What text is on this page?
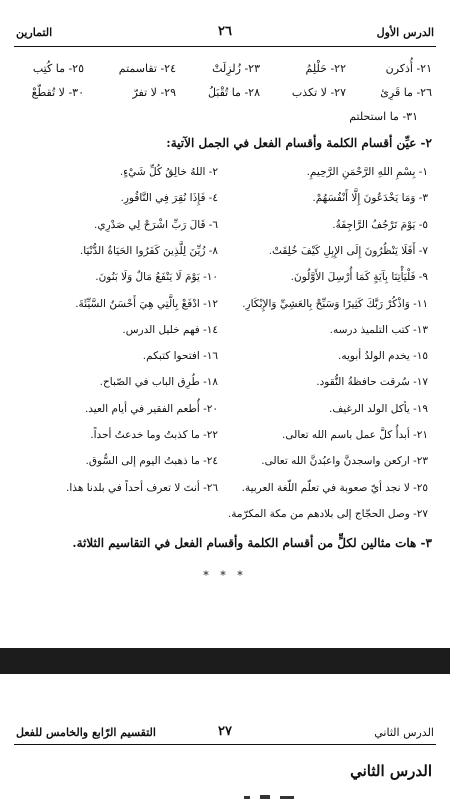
الدرس الأول
٢٦
التمارين
٢١- أُذكرن
٢٢- حَلْلِمُ
٢٣- زُلزِلَتْ
٢٤- تقاسمتم
٢٥- ما كُتِب
٢٦- ما قَرِئ
٢٧- لا تكذب
٢٨- ما تُقْبَلُ
٢٩- لا تفرّ
٣٠- لا تُقطّعْ
٣١- ما استحلتم
٢- عيِّن أقسام الكلمة وأقسام الفعل في الجمل الآتية:
١- بِسْمِ اللهِ الرَّحْمَنِ الرَّحِيمِ.
٢- اللهُ خالِقُ كُلِّ شَيْءٍ.
٣- وَمَا يَخْدَعُونَ إِلَّا أَنْفُسَهُمْ.
٤- فَإِذَا نُقِرَ فِي النَّاقُورِ.
٥- يَوْمَ تَرْجُفُ الرَّاجِفَةُ.
٦- قَالَ رَبِّ اشْرَحْ لِي صَدْرِي.
٧- أَفَلَا يَنْظُرُونَ إِلَى الإِبِلِ كَيْفَ خُلِقَتْ.
٨- زُيِّنَ لِلَّذِينَ كَفَرُوا الحَيَاةُ الدُّنْيَا.
٩- فَلْيَأْتِنَا بِآيَةٍ كَمَا أُرْسِلَ الأَوَّلُونَ.
١٠- يَوْمَ لَا يَنْفَعُ مَالٌ وَلَا بَنُونَ.
١١- وَاذْكُرْ رَبَّكَ كَثِيرًا وَسَبِّحْ بِالعَشِيِّ وَالإِبْكَارِ.
١٢- ادْفَعْ بِالَّتِي هِيَ أَحْسَنُ السَّيِّئَةَ.
١٣- كتب التلميذ درسه.
١٤- فهم خليل الدرس.
١٥- يخدم الولدُ أبويه.
١٦- افتحوا كتبكم.
١٧- سُرقت حافظةُ النُّقود.
١٨- طُرِق الباب في الصّباح.
١٩- يأكل الولد الرغيف.
٢٠- أُطعم الفقير في أيام العيد.
٢١- أبدأُ كلَّ عمل باسم الله تعالى.
٢٢- ما كذبتُ وما خدعتُ أحداً.
٢٣- اركعن واسجدنَّ واعبُدنَّ الله تعالى.
٢٤- ما ذهبتُ اليوم إلى السُّوق.
٢٥- لا نجد أيّ صعوبة في تعلّم اللّغة العربية.
٢٦- أنتَ لا تعرف أحداً في بلدنا هذا.
٢٧- وصل الحجّاج إلى بلادهم من مكة المكرّمة.
٣- هات مثالين لكلٍّ من أقسام الكلمة وأقسام الفعل في التقاسيم الثلاثة.
* * *
الدرس الثاني
٢٧
التقسيم الرّابع والخامس للفعل
الدرس الثاني
